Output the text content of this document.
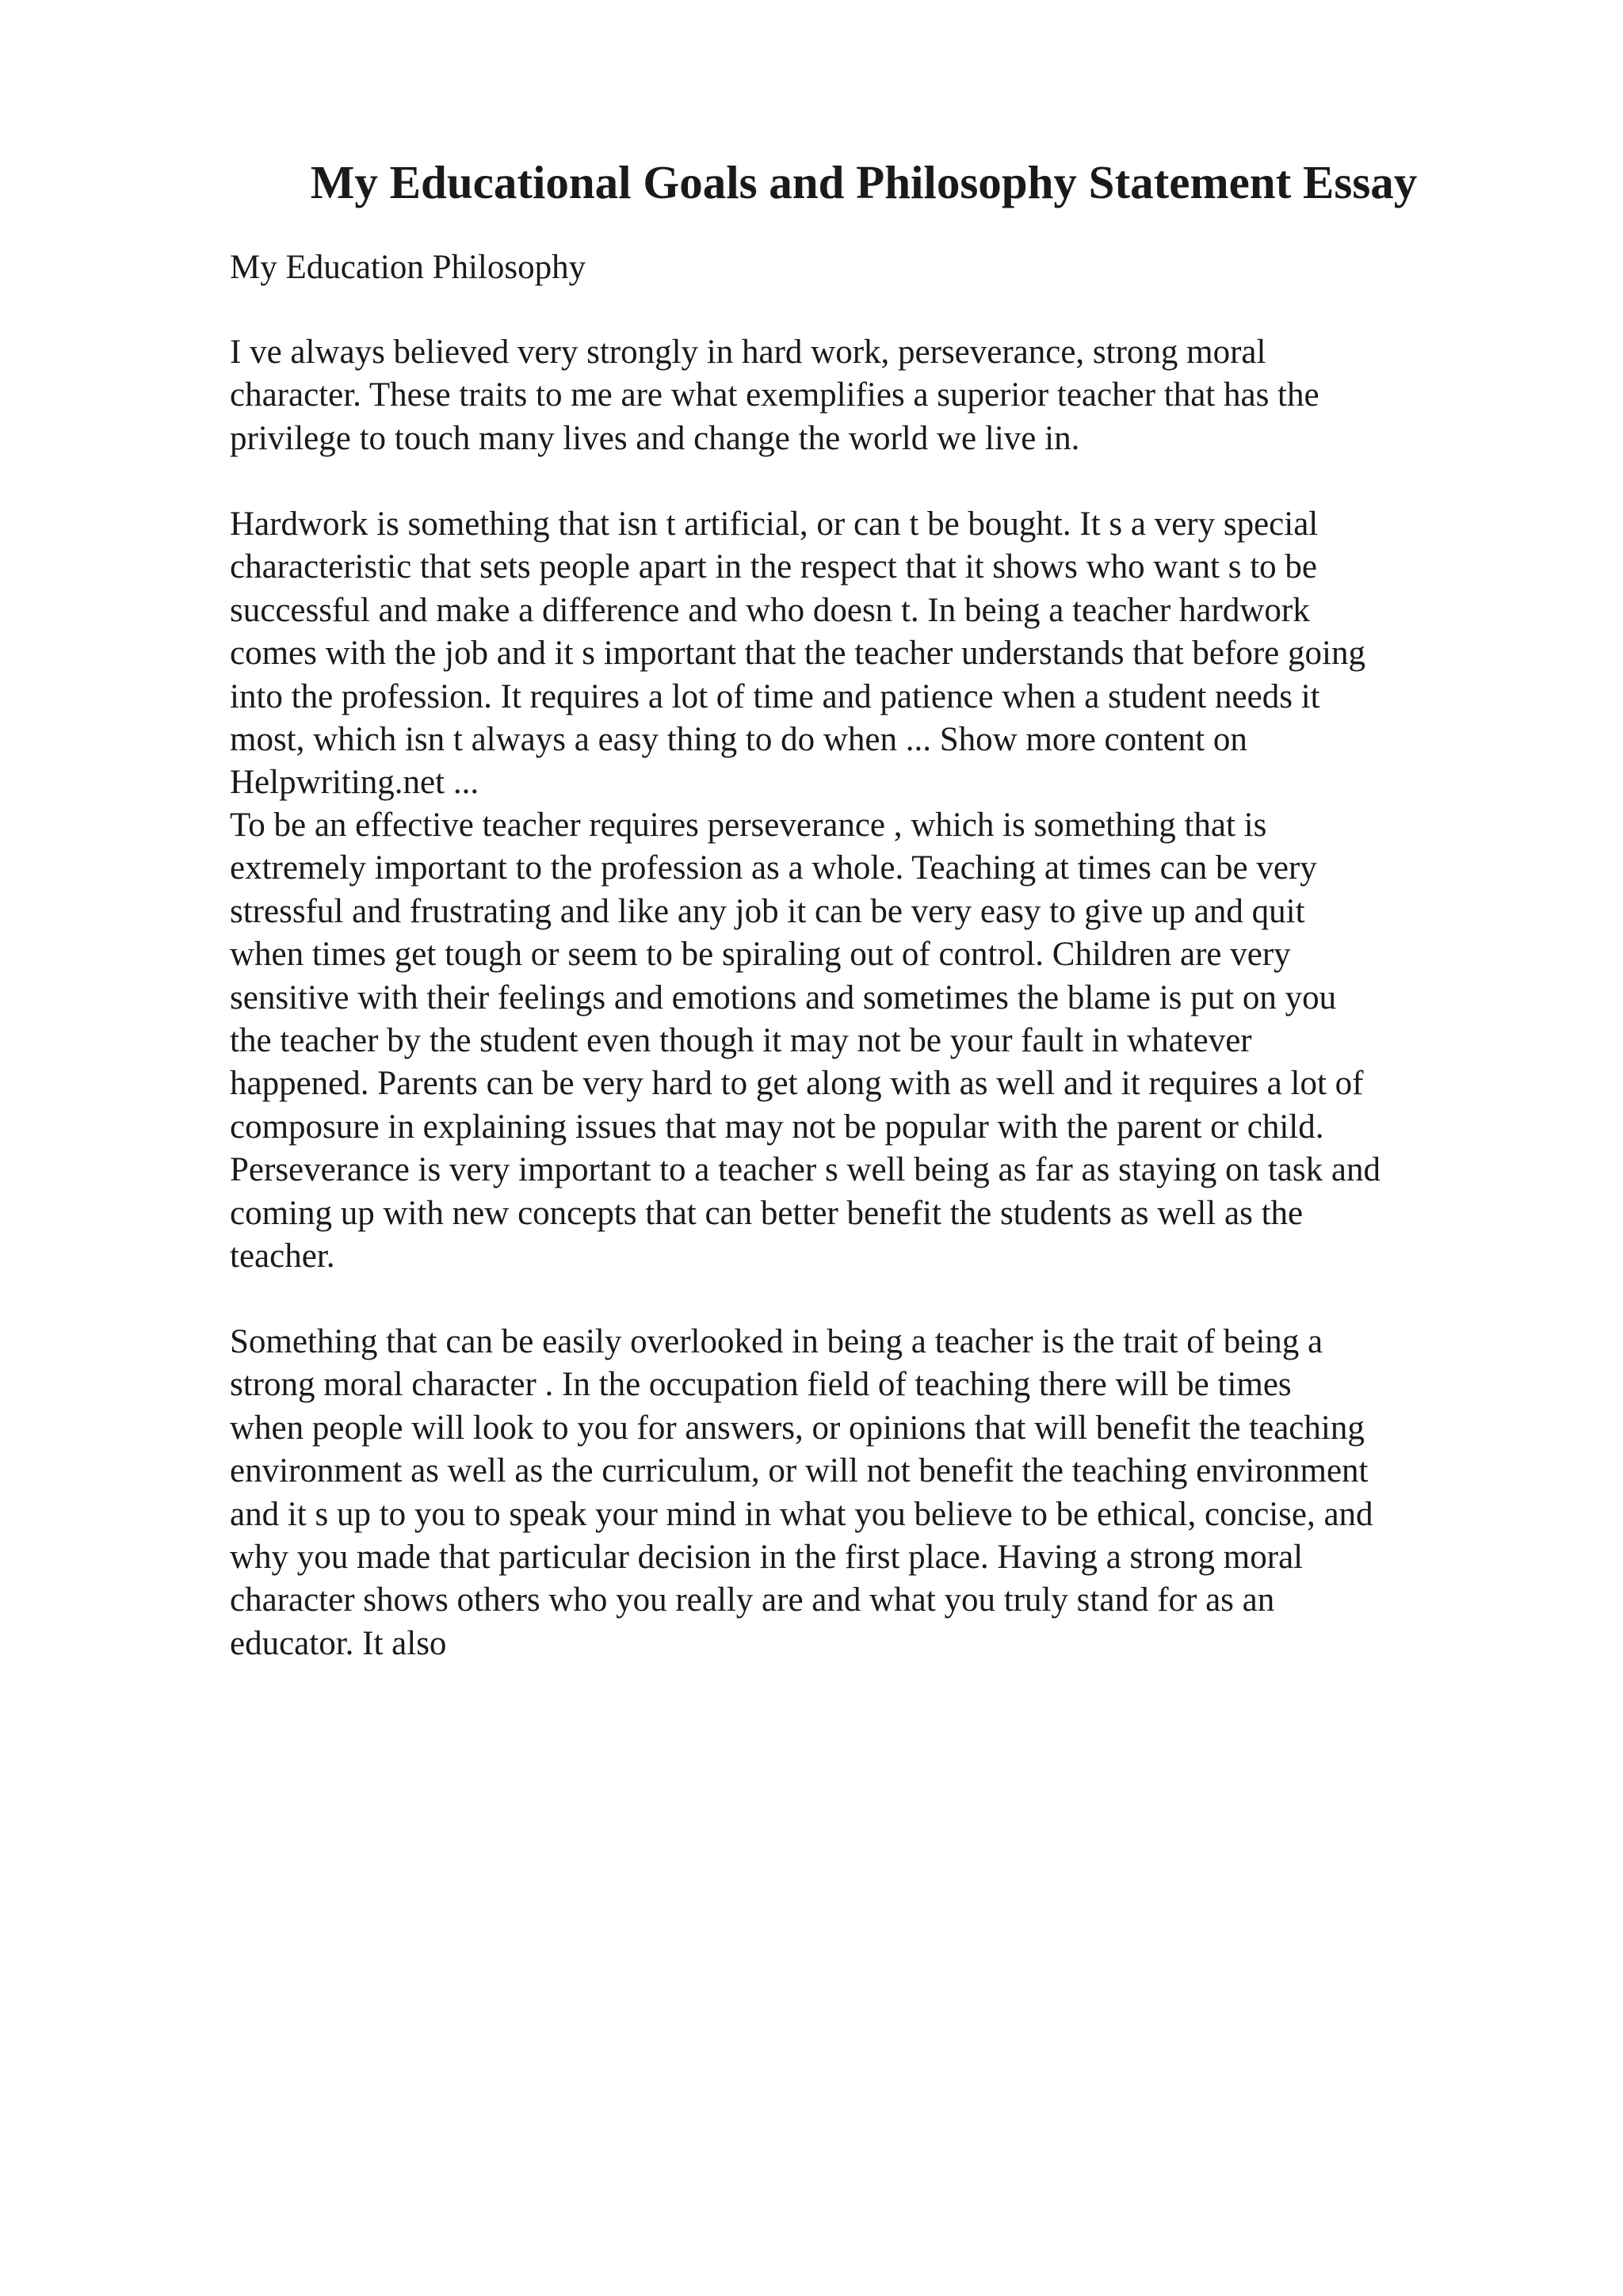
My Educational Goals and Philosophy Statement Essay

My Education Philosophy

I ve always believed very strongly in hard work, perseverance, strong moral
character. These traits to me are what exemplifies a superior teacher that has the
privilege to touch many lives and change the world we live in.

Hardwork is something that isn t artificial, or can t be bought. It s a very special
characteristic that sets people apart in the respect that it shows who want s to be
successful and make a difference and who doesn t. In being a teacher hardwork
comes with the job and it s important that the teacher understands that before going
into the profession. It requires a lot of time and patience when a student needs it
most, which isn t always a easy thing to do when ... Show more content on
Helpwriting.net ...

To be an effective teacher requires perseverance , which is something that is
extremely important to the profession as a whole. Teaching at times can be very
stressful and frustrating and like any job it can be very easy to give up and quit
when times get tough or seem to be spiraling out of control. Children are very
sensitive with their feelings and emotions and sometimes the blame is put on you
the teacher by the student even though it may not be your fault in whatever
happened. Parents can be very hard to get along with as well and it requires a lot of
composure in explaining issues that may not be popular with the parent or child.
Perseverance is very important to a teacher s well being as far as staying on task and
coming up with new concepts that can better benefit the students as well as the
teacher.

Something that can be easily overlooked in being a teacher is the trait of being a
strong moral character . In the occupation field of teaching there will be times
when people will look to you for answers, or opinions that will benefit the teaching
environment as well as the curriculum, or will not benefit the teaching environment
and it s up to you to speak your mind in what you believe to be ethical, concise, and
why you made that particular decision in the first place. Having a strong moral
character shows others who you really are and what you truly stand for as an
educator. It also
